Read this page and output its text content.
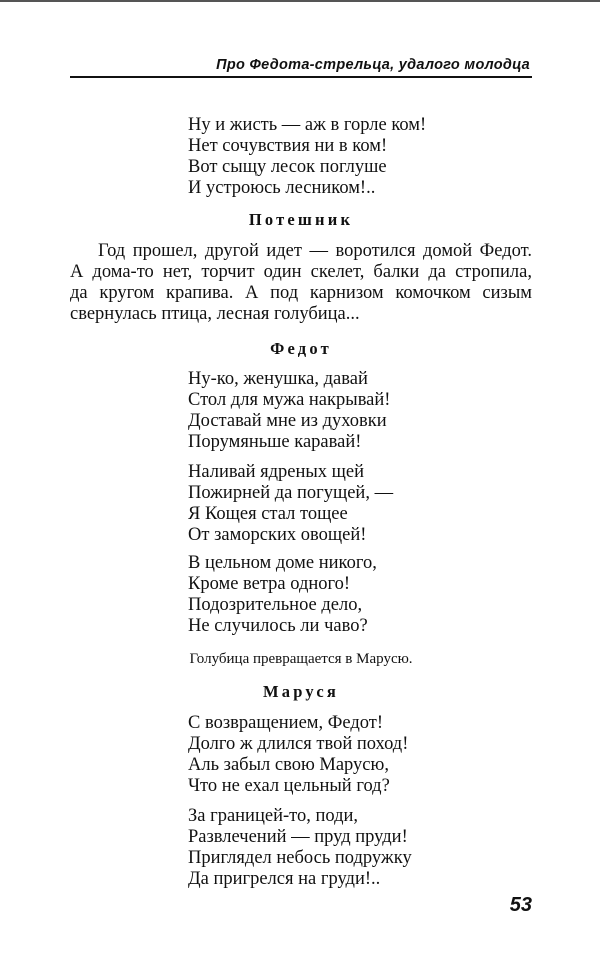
Про Федота-стрельца, удалого молодца
Ну и жисть — аж в горле ком!
Нет сочувствия ни в ком!
Вот сыщу лесок поглуше
И устроюсь лесником!..
Потешник
Год прошел, другой идет — воротился домой Федот.
А дома-то нет, торчит один скелет, балки да стропила,
да кругом крапива. А под карнизом комочком сизым
свернулась птица, лесная голубица...
Федот
Ну-ко, женушка, давай
Стол для мужа накрывай!
Доставай мне из духовки
Порумяньше каравай!
Наливай ядреных щей
Пожирней да погущей, —
Я Кощея стал тощее
От заморских овощей!
В цельном доме никого,
Кроме ветра одного!
Подозрительное дело,
Не случилось ли чаво?
Голубица превращается в Марусю.
Маруся
С возвращением, Федот!
Долго ж длился твой поход!
Аль забыл свою Марусю,
Что не ехал цельный год?
За границей-то, поди,
Развлечений — пруд пруди!
Приглядел небось подружку
Да пригрелся на груди!..
53
